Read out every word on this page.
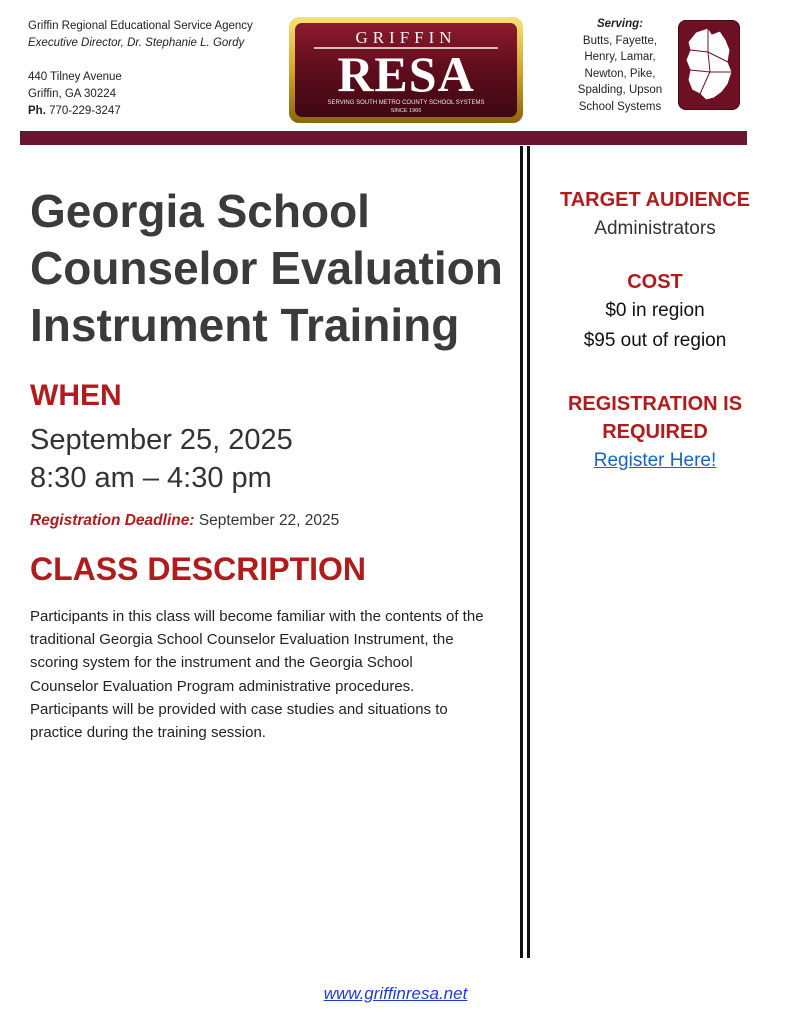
Griffin Regional Educational Service Agency
Executive Director, Dr. Stephanie L. Gordy
440 Tilney Avenue
Griffin, GA 30224
Ph. 770-229-3247
GRIFFIN
RESA
SERVING SOUTH METRO COUNTY SCHOOL SYSTEMS
SINCE 1966
Serving:
Butts, Fayette,
Henry, Lamar,
Newton, Pike,
Spalding, Upson
School Systems
Georgia School Counselor Evaluation Instrument Training
WHEN
September 25, 2025
8:30 am – 4:30 pm
Registration Deadline: September 22, 2025
CLASS DESCRIPTION

Participants in this class will become familiar with the contents of the traditional Georgia School Counselor Evaluation Instrument, the scoring system for the instrument and the Georgia School Counselor Evaluation Program administrative procedures. Participants will be provided with case studies and situations to practice during the training session.

TARGET AUDIENCE
Administrators
COST
$0 in region
$95 out of region
REGISTRATION IS
REQUIRED
Register Here!
www.griffinresa.net
